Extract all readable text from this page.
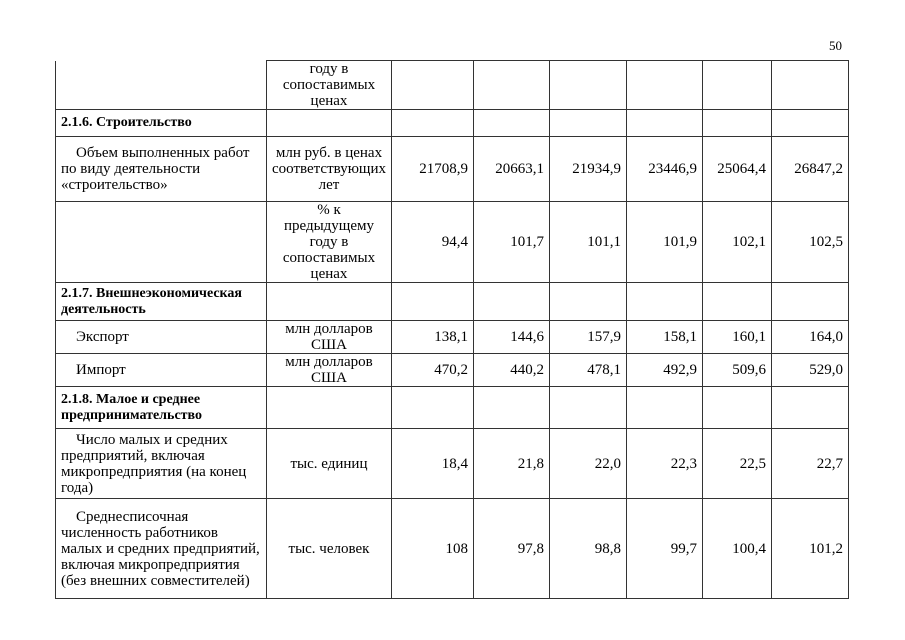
50
	году в сопоставимых ценах						
2.1.6. Строительство							
Объем выполненных работ по виду деятельности «строительство»	млн руб. в ценах соответствующих лет	21708,9	20663,1	21934,9	23446,9	25064,4	26847,2
	% к предыдущему году в сопоставимых ценах	94,4	101,7	101,1	101,9	102,1	102,5
2.1.7. Внешнеэкономическая деятельность							
Экспорт	млн долларов США	138,1	144,6	157,9	158,1	160,1	164,0
Импорт	млн долларов США	470,2	440,2	478,1	492,9	509,6	529,0
2.1.8. Малое и среднее предпринимательство							
Число малых и средних предприятий, включая микропредприятия (на конец года)	тыс. единиц	18,4	21,8	22,0	22,3	22,5	22,7
Среднесписочная численность работников малых и средних предприятий, включая микропредприятия (без внешних совместителей)	тыс. человек	108	97,8	98,8	99,7	100,4	101,2
